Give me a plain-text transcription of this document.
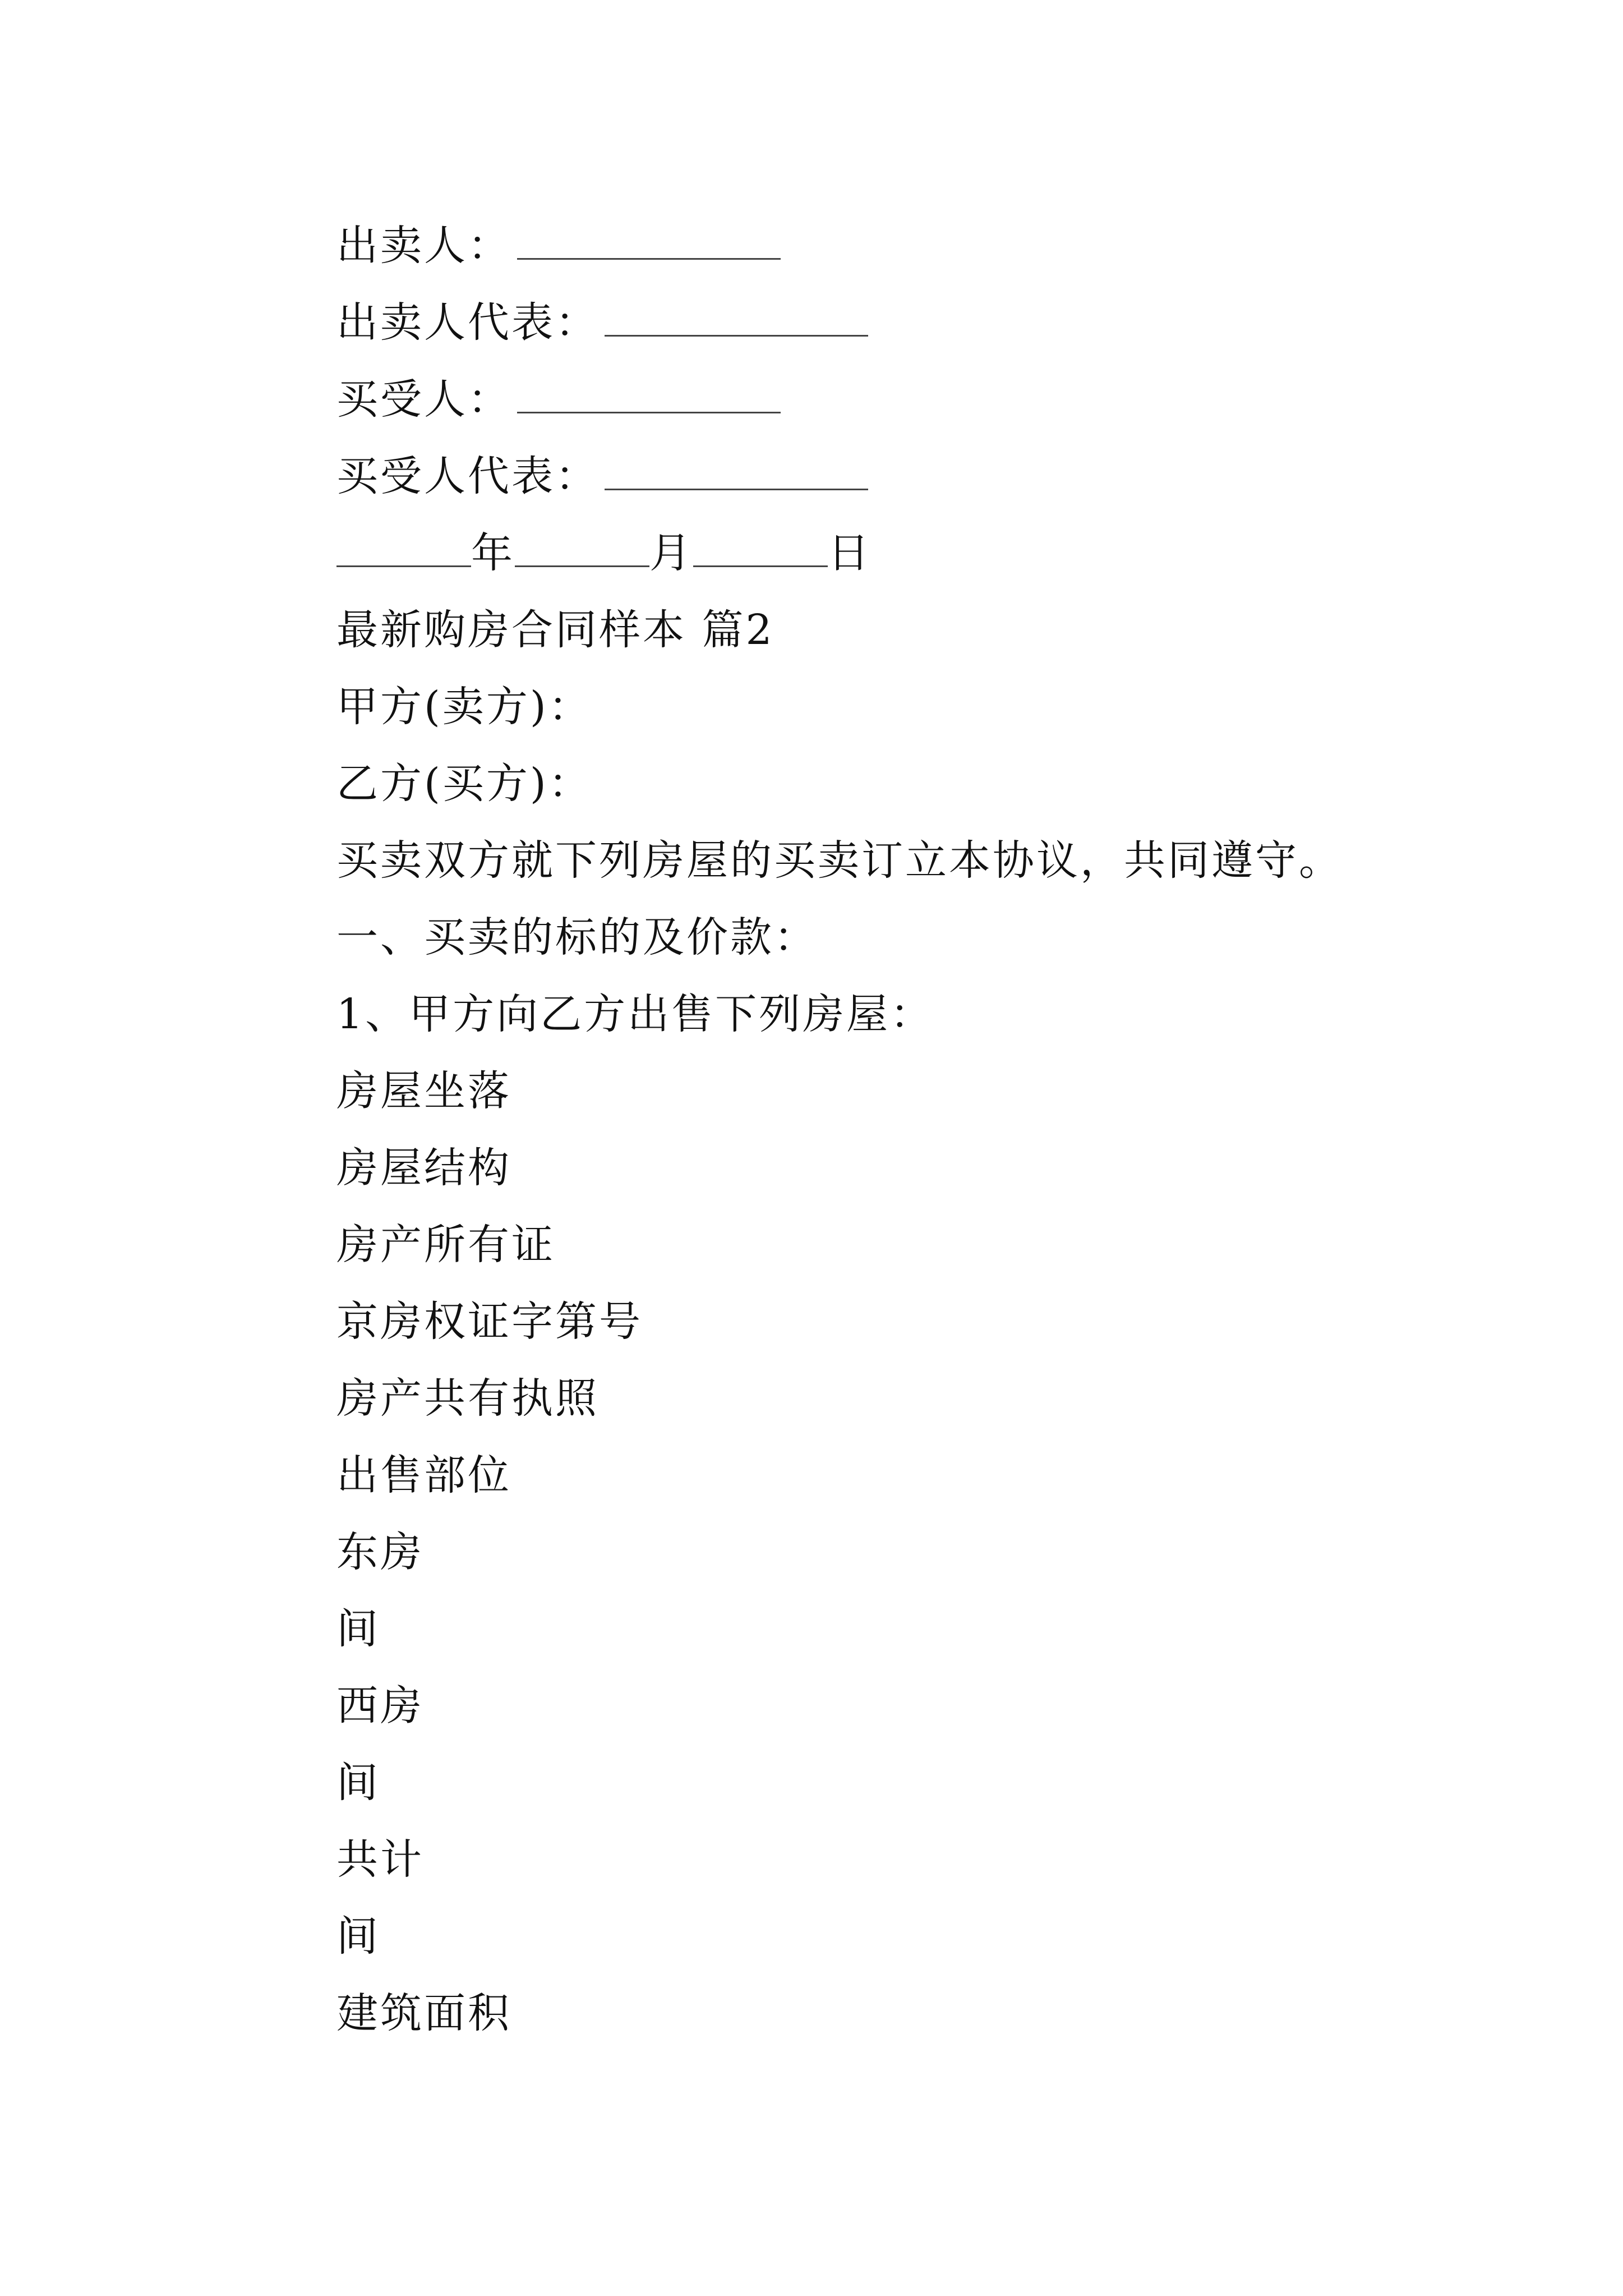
出卖人：
出卖人代表：
买受人：
买受人代表：
年	月	日
最新购房合同样本 篇2
甲方(卖方)：
乙方(买方)：
买卖双方就下列房屋的买卖订立本协议，共同遵守。
一、买卖的标的及价款：
1、甲方向乙方出售下列房屋：
房屋坐落
房屋结构
房产所有证
京房权证字第号
房产共有执照
出售部位
东房
间
西房
间
共计
间
建筑面积
